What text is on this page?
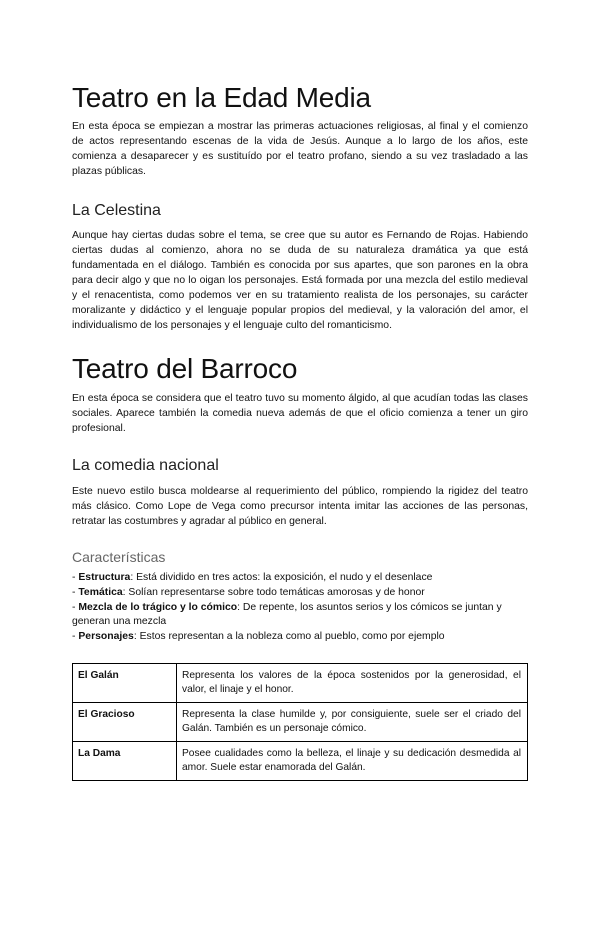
Teatro en la Edad Media

En esta época se empiezan a mostrar las primeras actuaciones religiosas, al final y el comienzo de actos representando escenas de la vida de Jesús. Aunque a lo largo de los años, este comienza a desaparecer y es sustituído por el teatro profano, siendo a su vez trasladado a las plazas públicas.

La Celestina

Aunque hay ciertas dudas sobre el tema, se cree que su autor es Fernando de Rojas. Habiendo ciertas dudas al comienzo, ahora no se duda de su naturaleza dramática ya que está fundamentada en el diálogo. También es conocida por sus apartes, que son parones en la obra para decir algo y que no lo oigan los personajes. Está formada por una mezcla del estilo medieval y el renacentista, como podemos ver en su tratamiento realista de los personajes, su carácter moralizante y didáctico y el lenguaje popular propios del medieval, y la valoración del amor, el individualismo de los personajes y el lenguaje culto del romanticismo.

Teatro del Barroco

En esta época se considera que el teatro tuvo su momento álgido, al que acudían todas las clases sociales. Aparece también la comedia nueva además de que el oficio comienza a tener un giro profesional.

La comedia nacional

Este nuevo estilo busca moldearse al requerimiento del público, rompiendo la rigidez del teatro más clásico. Como Lope de Vega como precursor intenta imitar las acciones de las personas, retratar las costumbres y agradar al público en general.

Características
- Estructura: Está dividido en tres actos: la exposición, el nudo y el desenlace
- Temática: Solían representarse sobre todo temáticas amorosas y de honor
- Mezcla de lo trágico y lo cómico: De repente, los asuntos serios y los cómicos se juntan y generan una mezcla
- Personajes: Estos representan a la nobleza como al pueblo, como por ejemplo
El Galán	Representa los valores de la época sostenidos por la generosidad, el valor, el linaje y el honor.
El Gracioso	Representa la clase humilde y, por consiguiente, suele ser el criado del Galán. También es un personaje cómico.
La Dama	Posee cualidades como la belleza, el linaje y su dedicación desmedida al amor. Suele estar enamorada del Galán.
